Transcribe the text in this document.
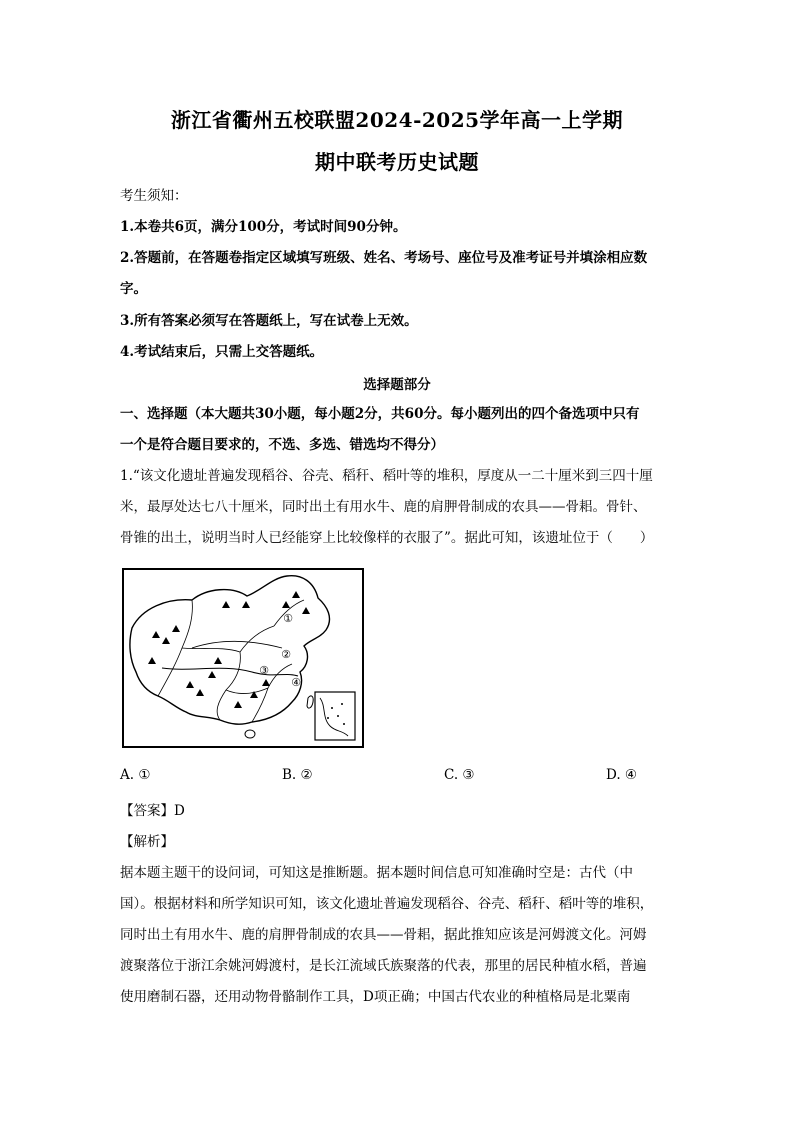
浙江省衢州五校联盟2024-2025学年高一上学期
期中联考历史试题
考生须知：
1.本卷共6页，满分100分，考试时间90分钟。
2.答题前，在答题卷指定区域填写班级、姓名、考场号、座位号及准考证号并填涂相应数
字。
3.所有答案必须写在答题纸上，写在试卷上无效。
4.考试结束后，只需上交答题纸。
选择题部分
一、选择题（本大题共30小题，每小题2分，共60分。每小题列出的四个备选项中只有
一个是符合题目要求的，不选、多选、错选均不得分）
1.“该文化遗址普遍发现稻谷、谷壳、稻秆、稻叶等的堆积，厚度从一二十厘米到三四十厘
米，最厚处达七八十厘米，同时出土有用水牛、鹿的肩胛骨制成的农具——骨耜。骨针、
骨锥的出土，说明当时人已经能穿上比较像样的衣服了”。据此可知，该遗址位于（　　）
①
②
③
④
A. ①	B. ②	C. ③	D. ④
【答案】D
【解析】
据本题主题干的设问词，可知这是推断题。据本题时间信息可知准确时空是：古代（中
国）。根据材料和所学知识可知，该文化遗址普遍发现稻谷、谷壳、稻秆、稻叶等的堆积，
同时出土有用水牛、鹿的肩胛骨制成的农具——骨耜，据此推知应该是河姆渡文化。河姆
渡聚落位于浙江余姚河姆渡村，是长江流域氏族聚落的代表，那里的居民种植水稻，普遍
使用磨制石器，还用动物骨骼制作工具，D项正确；中国古代农业的种植格局是北粟南
